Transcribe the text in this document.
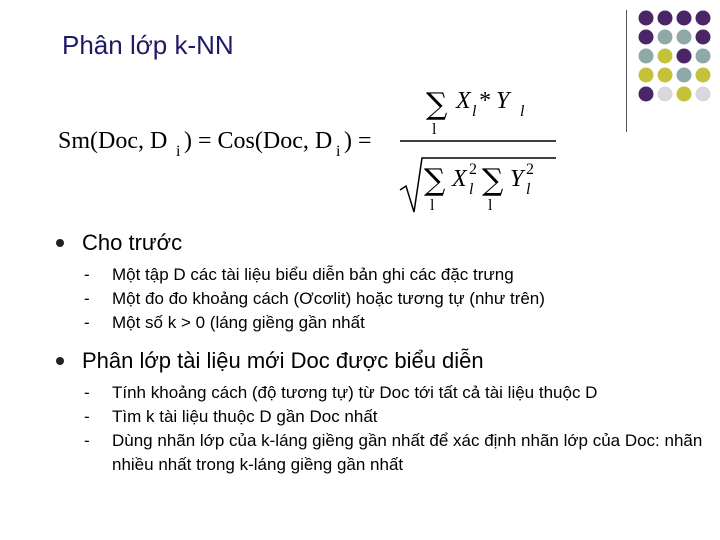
Phân lớp k-NN
Sm(Doc, D i ) = Cos(Doc, D i ) =
∑
l
X l * Y l
∑
l
X 2
l ∑
l
Y 2
l
Cho trước
- Một tập D các tài liệu biểu diễn bản ghi các đặc trưng
- Một đo đo khoảng cách (Ơcơlit) hoặc tương tự (như trên)
- Một số k > 0 (láng giềng gần nhất
Phân lớp tài liệu mới Doc được biểu diễn
- Tính khoảng cách (độ tương tự) từ Doc tới tất cả tài liệu thuộc D
- Tìm k tài liệu thuộc D gần Doc nhất
- Dùng nhãn lớp của k-láng giềng gần nhất để xác định nhãn lớp của Doc: nhãn nhiều nhất trong k-láng giềng gần nhất
